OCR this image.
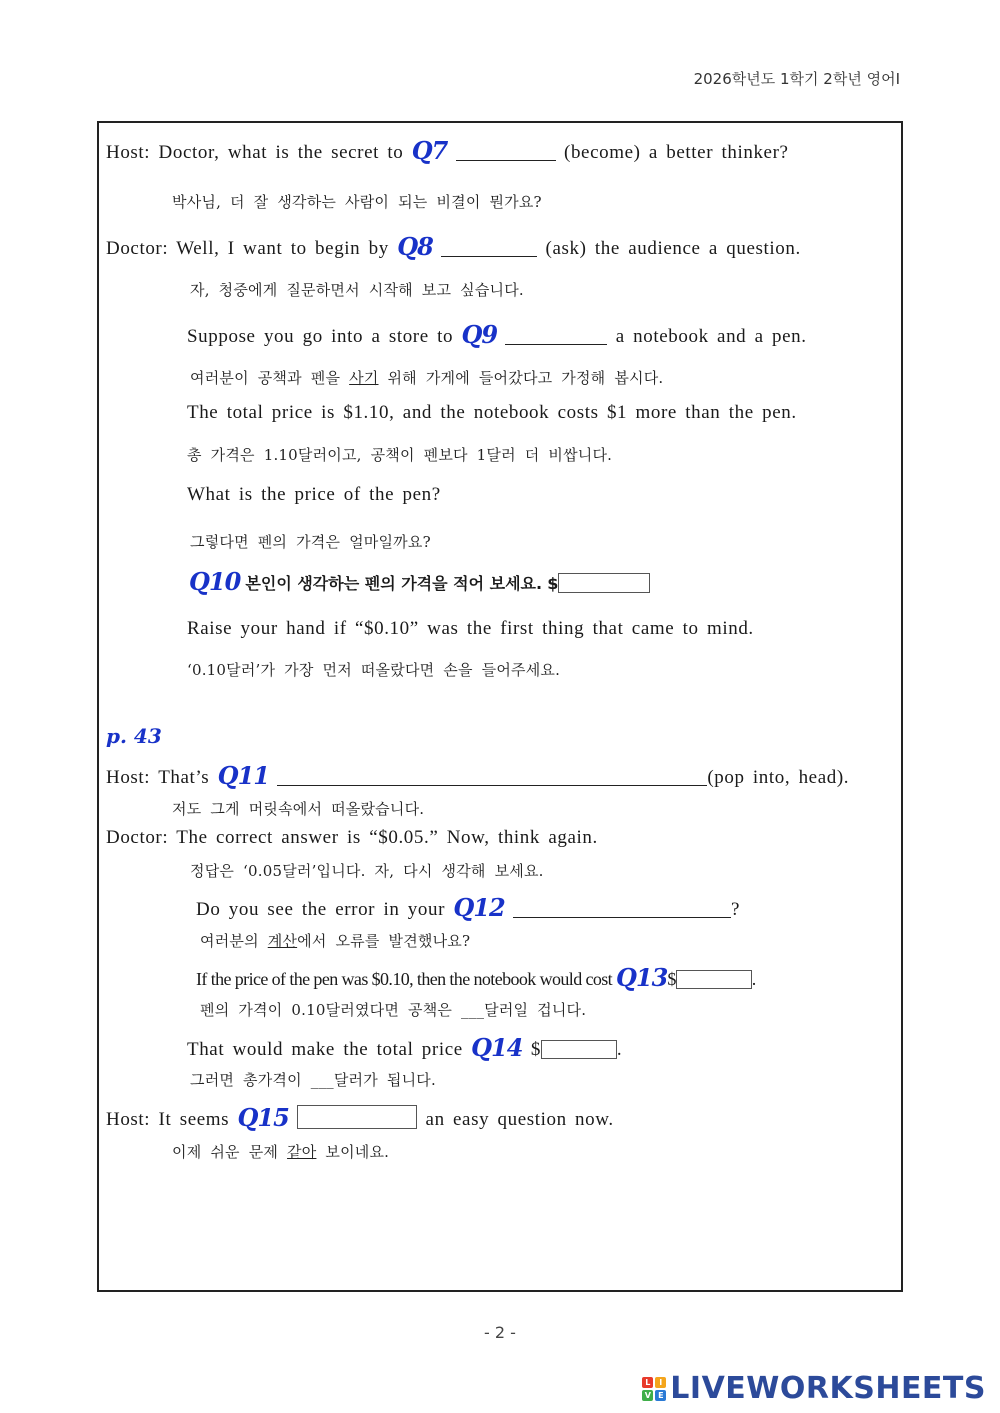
2026학년도 1학기 2학년 영어Ⅰ
Host: Doctor, what is the secret to Q7	(become) a better thinker?
박사님, 더 잘 생각하는 사람이 되는 비결이 뭔가요?
Doctor: Well, I want to begin by Q8	(ask) the audience a question.
자, 청중에게 질문하면서 시작해 보고 싶습니다.
Suppose you go into a store to Q9	a notebook and a pen.
여러분이 공책과 펜을 사기 위해 가게에 들어갔다고 가정해 봅시다.
The total price is $1.10, and the notebook costs $1 more than the pen.
총 가격은 1.10달러이고, 공책이 펜보다 1달러 더 비쌉니다.
What is the price of the pen?
그렇다면 펜의 가격은 얼마일까요?
Q10 본인이 생각하는 펜의 가격을 적어 보세요. $
Raise your hand if “$0.10” was the first thing that came to mind.
‘0.10달러’가 가장 먼저 떠올랐다면 손을 들어주세요.
p. 43
Host: That’s Q11	(pop into, head).
저도 그게 머릿속에서 떠올랐습니다.
Doctor: The correct answer is “$0.05.” Now, think again.
정답은 ‘0.05달러’입니다. 자, 다시 생각해 보세요.
Do you see the error in your Q12	?
여러분의 계산에서 오류를 발견했나요?
If the price of the pen was $0.10, then the notebook would cost Q13$	.
펜의 가격이 0.10달러였다면 공책은 ___달러일 겁니다.
That would make the total price Q14 $	.
그러면 총가격이 ___달러가 됩니다.
Host: It seems Q15	an easy question now.
이제 쉬운 문제 같아 보이네요.
- 2 -
L	I
V E LIVEWORKSHEETS
